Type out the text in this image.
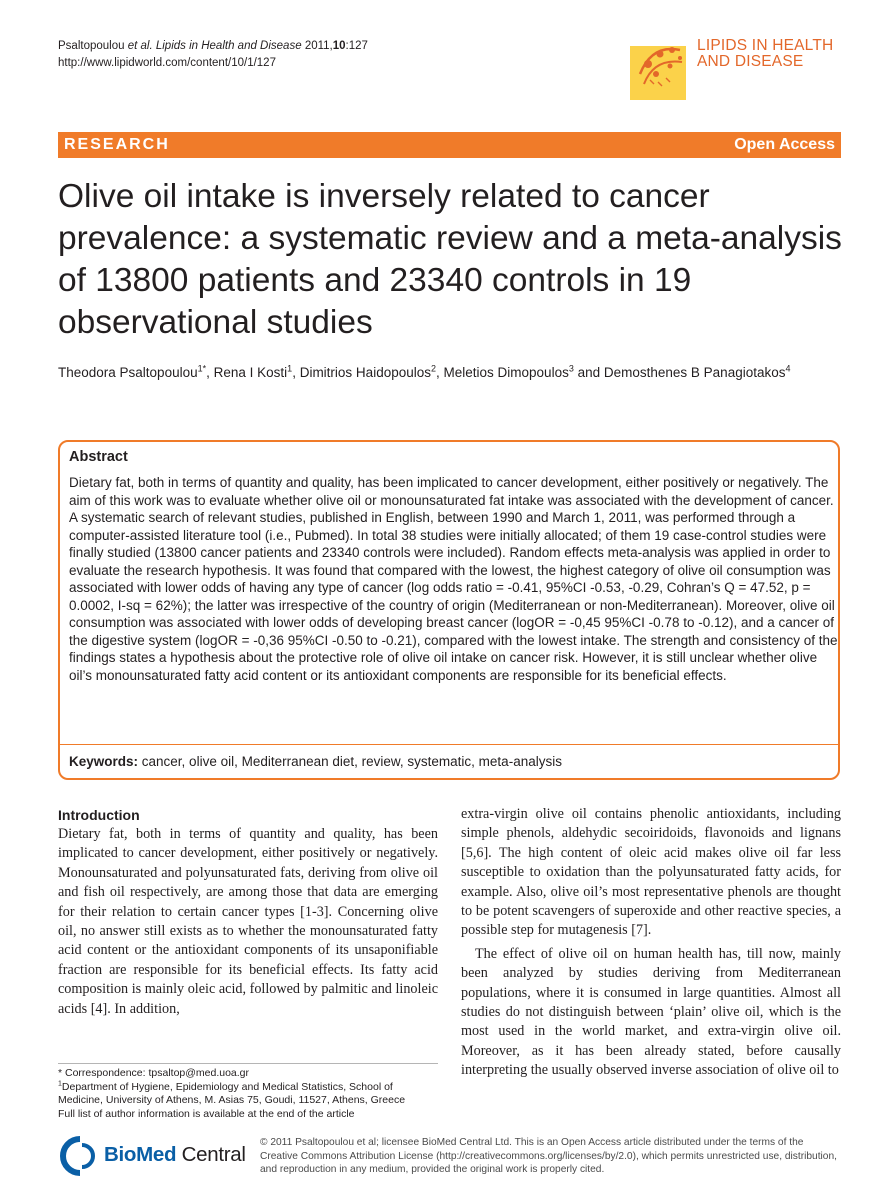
Psaltopoulou et al. Lipids in Health and Disease 2011,10:127
http://www.lipidworld.com/content/10/1/127
LIPIDS IN HEALTH
AND DISEASE
RESEARCH	Open Access
Olive oil intake is inversely related to cancer prevalence: a systematic review and a meta-analysis of 13800 patients and 23340 controls in 19 observational studies
Theodora Psaltopoulou$^{1*}$, Rena I Kosti$^1$, Dimitrios Haidopoulos$^2$, Meletios Dimopoulos$^3$ and Demosthenes B Panagiotakos$^4$
Abstract
Dietary fat, both in terms of quantity and quality, has been implicated to cancer development, either positively or negatively. The aim of this work was to evaluate whether olive oil or monounsaturated fat intake was associated with the development of cancer. A systematic search of relevant studies, published in English, between 1990 and March 1, 2011, was performed through a computer-assisted literature tool (i.e., Pubmed). In total 38 studies were initially allocated; of them 19 case-control studies were finally studied (13800 cancer patients and 23340 controls were included). Random effects meta-analysis was applied in order to evaluate the research hypothesis. It was found that compared with the lowest, the highest category of olive oil consumption was associated with lower odds of having any type of cancer (log odds ratio = -0.41, 95%CI -0.53, -0.29, Cohran’s Q = 47.52, p = 0.0002, I-sq = 62%); the latter was irrespective of the country of origin (Mediterranean or non-Mediterranean). Moreover, olive oil consumption was associated with lower odds of developing breast cancer (logOR = -0,45 95%CI -0.78 to -0.12), and a cancer of the digestive system (logOR = -0,36 95%CI -0.50 to -0.21), compared with the lowest intake. The strength and consistency of the findings states a hypothesis about the protective role of olive oil intake on cancer risk. However, it is still unclear whether olive oil’s monounsaturated fatty acid content or its antioxidant components are responsible for its beneficial effects.
Keywords: cancer, olive oil, Mediterranean diet, review, systematic, meta-analysis
Introduction

Dietary fat, both in terms of quantity and quality, has been implicated to cancer development, either positively or negatively. Monounsaturated and polyunsaturated fats, deriving from olive oil and fish oil respectively, are among those that data are emerging for their relation to certain cancer types [1-3]. Concerning olive oil, no answer still exists as to whether the monounsaturated fatty acid content or the antioxidant components of its unsaponifiable fraction are responsible for its beneficial effects. Its fatty acid composition is mainly oleic acid, followed by palmitic and linoleic acids [4]. In addition,

extra-virgin olive oil contains phenolic antioxidants, including simple phenols, aldehydic secoiridoids, flavonoids and lignans [5,6]. The high content of oleic acid makes olive oil far less susceptible to oxidation than the polyunsaturated fatty acids, for example. Also, olive oil’s most representative phenols are thought to be potent scavengers of superoxide and other reactive species, a possible step for mutagenesis [7].

The effect of olive oil on human health has, till now, mainly been analyzed by studies deriving from Mediterranean populations, where it is consumed in large quantities. Almost all studies do not distinguish between ‘plain’ olive oil, which is the most used in the world market, and extra-virgin olive oil. Moreover, as it has been already stated, before causally interpreting the usually observed inverse association of olive oil to

* Correspondence: tpsaltop@med.uoa.gr
$^1$Department of Hygiene, Epidemiology and Medical Statistics, School of Medicine, University of Athens, M. Asias 75, Goudi, 11527, Athens, Greece
Full list of author information is available at the end of the article
BioMed Central
© 2011 Psaltopoulou et al; licensee BioMed Central Ltd. This is an Open Access article distributed under the terms of the Creative Commons Attribution License (http://creativecommons.org/licenses/by/2.0), which permits unrestricted use, distribution, and reproduction in any medium, provided the original work is properly cited.
